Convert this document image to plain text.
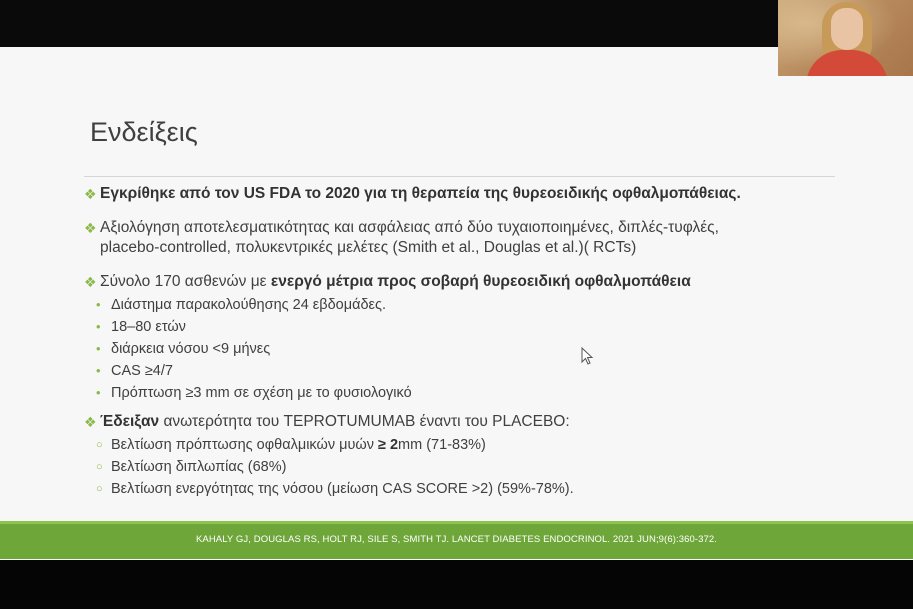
Ενδείξεις
❖ Εγκρίθηκε από τον US FDA το 2020 για τη θεραπεία της θυρεοειδικής οφθαλμοπάθειας.
❖ Αξιολόγηση αποτελεσματικότητας και ασφάλειας από δύο τυχαιοποιημένες, διπλές-τυφλές,
placebo-controlled, πολυκεντρικές μελέτες (Smith et al., Douglas et al.)( RCTs)
❖ Σύνολο 170 ασθενών με ενεργό μέτρια προς σοβαρή θυρεοειδική οφθαλμοπάθεια
• Διάστημα παρακολούθησης 24 εβδομάδες.
• 18–80 ετών
• διάρκεια νόσου <9 μήνες
• CAS ≥4/7
• Πρόπτωση ≥3 mm σε σχέση με το φυσιολογικό
❖ Έδειξαν ανωτερότητα του TEPROTUMUMAB έναντι του PLACEBO:
○ Βελτίωση πρόπτωσης οφθαλμικών μυών ≥ 2mm (71-83%)
○ Βελτίωση διπλωπίας (68%)
○ Βελτίωση ενεργότητας της νόσου (μείωση CAS SCORE >2) (59%-78%).
KAHALY GJ, DOUGLAS RS, HOLT RJ, SILE S, SMITH TJ. LANCET DIABETES ENDOCRINOL. 2021 JUN;9(6):360-372.
